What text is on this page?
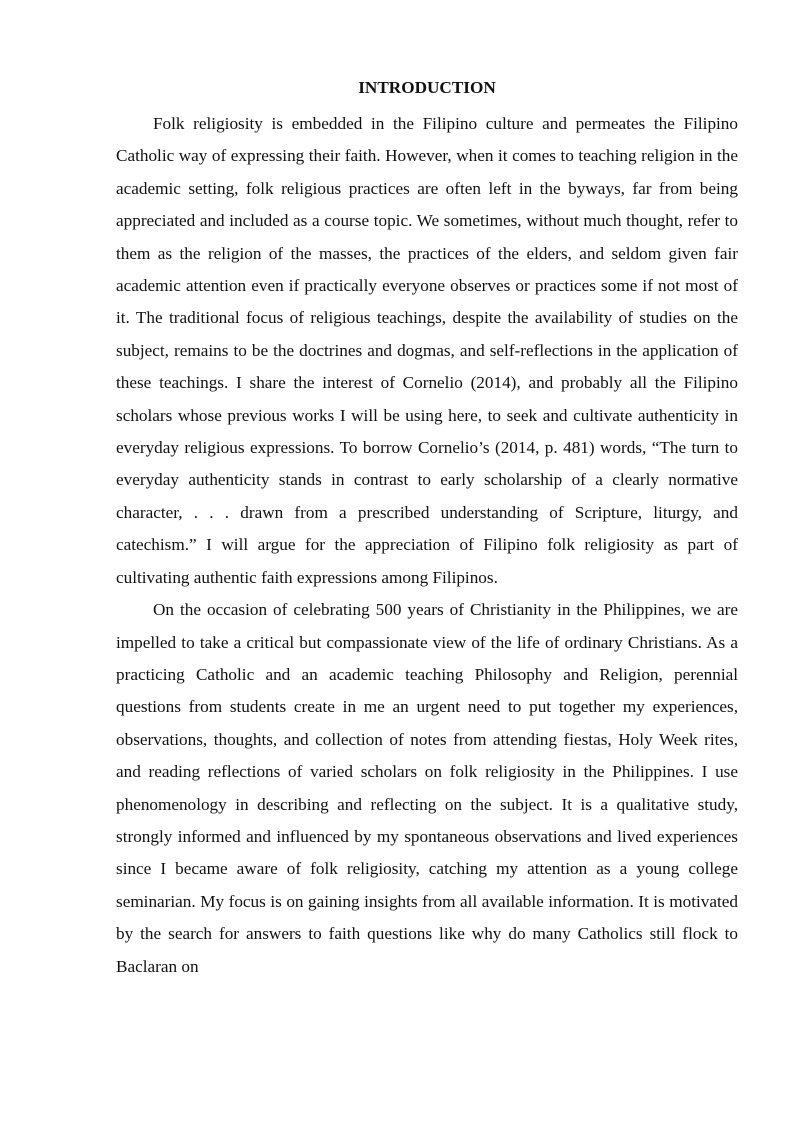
INTRODUCTION

Folk religiosity is embedded in the Filipino culture and permeates the Filipino Catholic way of expressing their faith. However, when it comes to teaching religion in the academic setting, folk religious practices are often left in the byways, far from being appreciated and included as a course topic. We sometimes, without much thought, refer to them as the religion of the masses, the practices of the elders, and seldom given fair academic attention even if practically everyone observes or practices some if not most of it. The traditional focus of religious teachings, despite the availability of studies on the subject, remains to be the doctrines and dogmas, and self-reflections in the application of these teachings. I share the interest of Cornelio (2014), and probably all the Filipino scholars whose previous works I will be using here, to seek and cultivate authenticity in everyday religious expressions. To borrow Cornelio’s (2014, p. 481) words, “The turn to everyday authenticity stands in contrast to early scholarship of a clearly normative character, . . . drawn from a prescribed understanding of Scripture, liturgy, and catechism.” I will argue for the appreciation of Filipino folk religiosity as part of cultivating authentic faith expressions among Filipinos.

On the occasion of celebrating 500 years of Christianity in the Philippines, we are impelled to take a critical but compassionate view of the life of ordinary Christians. As a practicing Catholic and an academic teaching Philosophy and Religion, perennial questions from students create in me an urgent need to put together my experiences, observations, thoughts, and collection of notes from attending fiestas, Holy Week rites, and reading reflections of varied scholars on folk religiosity in the Philippines. I use phenomenology in describing and reflecting on the subject. It is a qualitative study, strongly informed and influenced by my spontaneous observations and lived experiences since I became aware of folk religiosity, catching my attention as a young college seminarian. My focus is on gaining insights from all available information. It is motivated by the search for answers to faith questions like why do many Catholics still flock to Baclaran on
